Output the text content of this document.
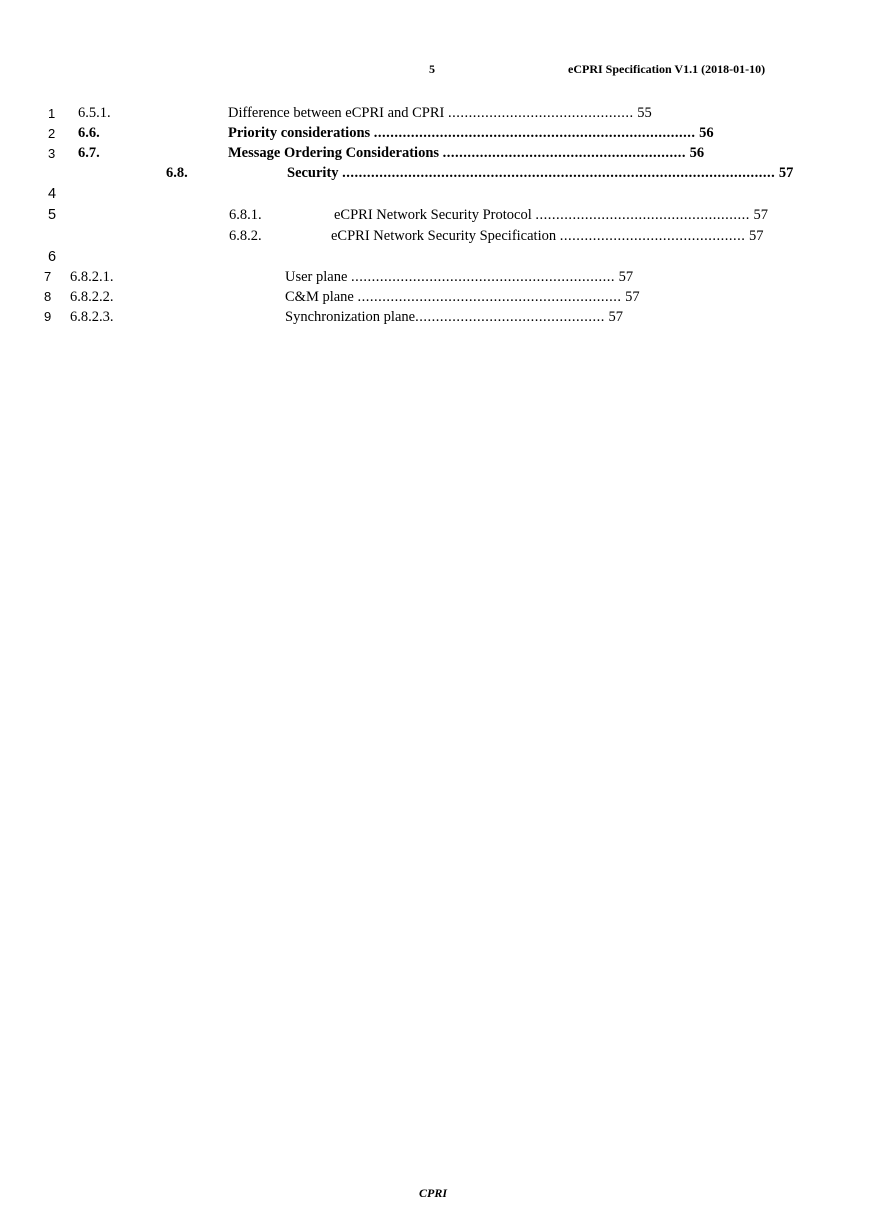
5	eCPRI Specification V1.1 (2018-01-10)
1
2
3
4
5
6
7
8
9
6.5.1.	Difference between eCPRI and CPRI ............................................. 55
6.6.	Priority considerations .............................................................................. 56
6.7.	Message Ordering Considerations ........................................................... 56
6.8.	Security ......................................................................................................... 57
6.8.1.	eCPRI Network Security Protocol .................................................... 57
6.8.2.	eCPRI Network Security Specification ............................................. 57
6.8.2.1.	User plane ................................................................ 57
6.8.2.2.	C&M plane ................................................................ 57
6.8.2.3.	Synchronization plane.............................................. 57
CPRI
